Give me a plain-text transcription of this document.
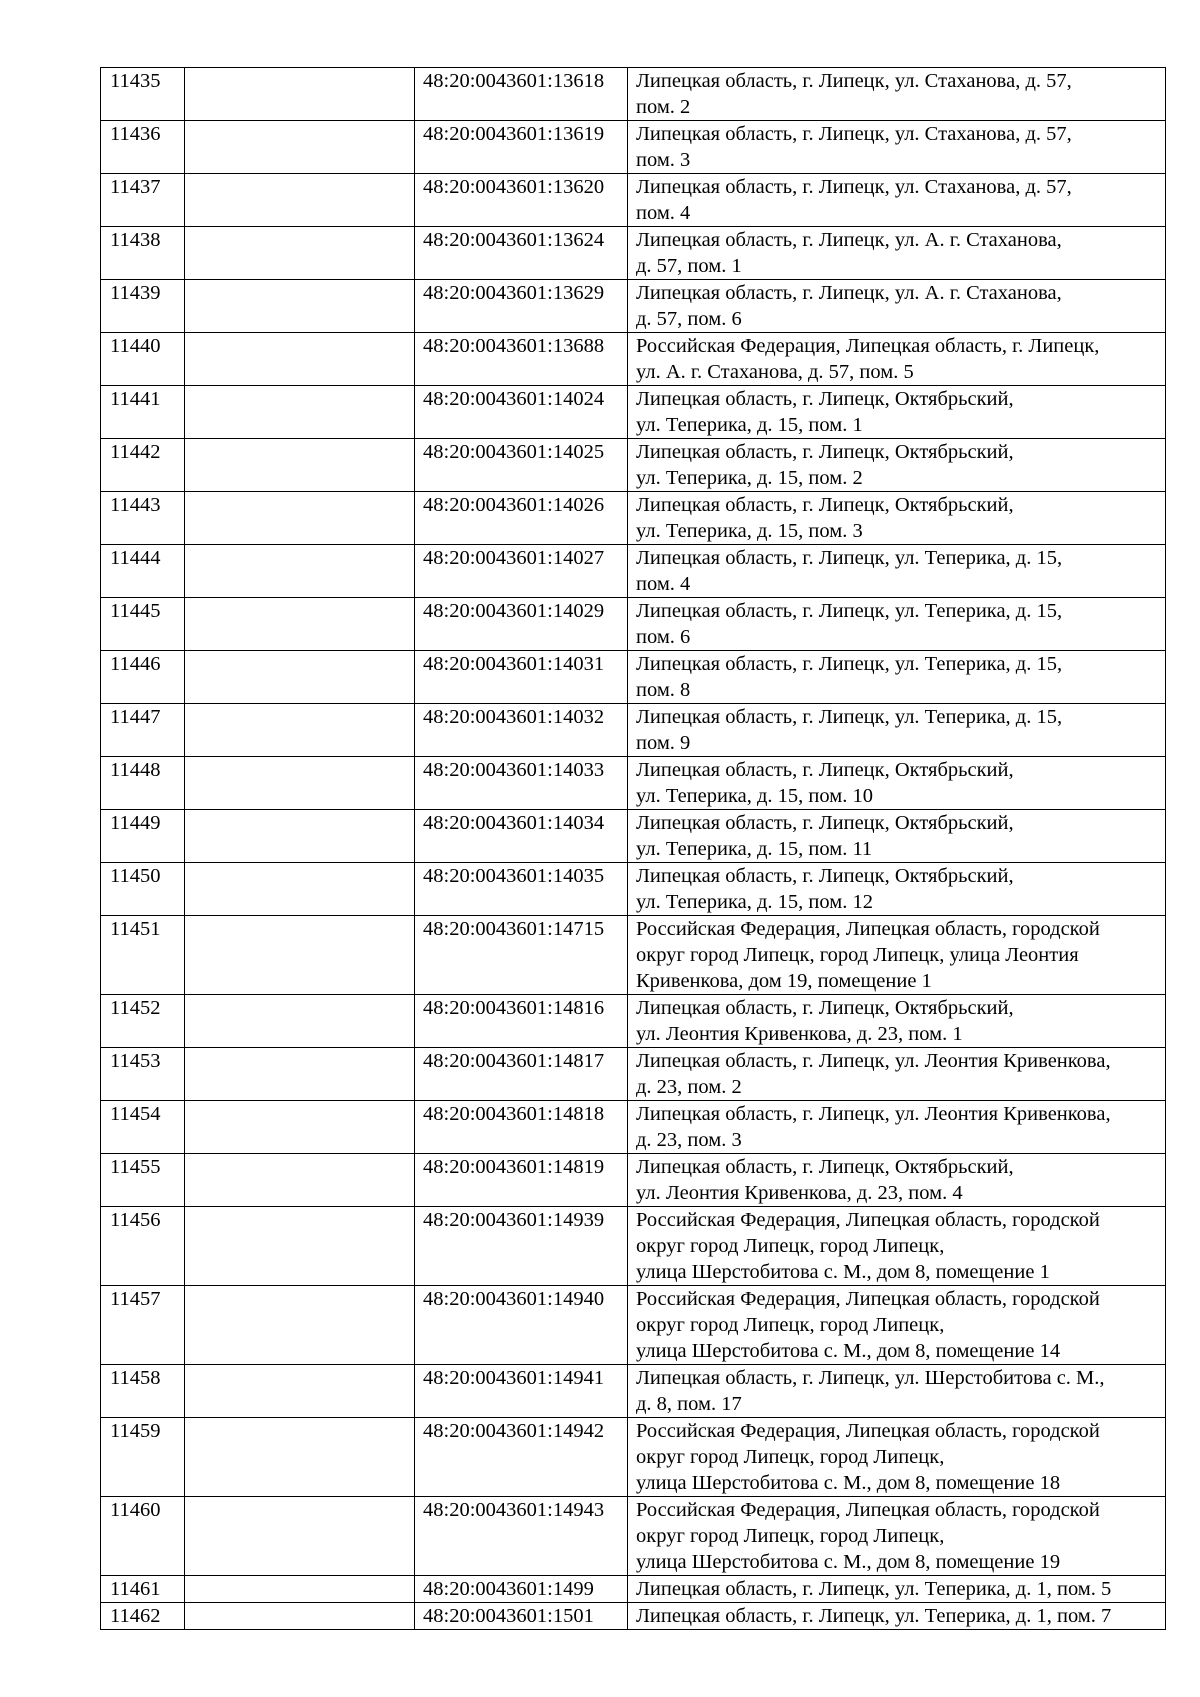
11435		48:20:0043601:13618	Липецкая область, г. Липецк, ул. Стаханова, д. 57,
пом. 2

11436		48:20:0043601:13619	Липецкая область, г. Липецк, ул. Стаханова, д. 57,
пом. 3

11437		48:20:0043601:13620	Липецкая область, г. Липецк, ул. Стаханова, д. 57,
пом. 4

11438		48:20:0043601:13624	Липецкая область, г. Липецк, ул. А. г. Стаханова,
д. 57, пом. 1

11439		48:20:0043601:13629	Липецкая область, г. Липецк, ул. А. г. Стаханова,
д. 57, пом. 6

11440		48:20:0043601:13688	Российская Федерация, Липецкая область, г. Липецк,
ул. А. г. Стаханова, д. 57, пом. 5

11441		48:20:0043601:14024	Липецкая область, г. Липецк, Октябрьский,
ул. Теперика, д. 15, пом. 1

11442		48:20:0043601:14025	Липецкая область, г. Липецк, Октябрьский,
ул. Теперика, д. 15, пом. 2

11443		48:20:0043601:14026	Липецкая область, г. Липецк, Октябрьский,
ул. Теперика, д. 15, пом. 3

11444		48:20:0043601:14027	Липецкая область, г. Липецк, ул. Теперика, д. 15,
пом. 4

11445		48:20:0043601:14029	Липецкая область, г. Липецк, ул. Теперика, д. 15,
пом. 6

11446		48:20:0043601:14031	Липецкая область, г. Липецк, ул. Теперика, д. 15,
пом. 8

11447		48:20:0043601:14032	Липецкая область, г. Липецк, ул. Теперика, д. 15,
пом. 9

11448		48:20:0043601:14033	Липецкая область, г. Липецк, Октябрьский,
ул. Теперика, д. 15, пом. 10

11449		48:20:0043601:14034	Липецкая область, г. Липецк, Октябрьский,
ул. Теперика, д. 15, пом. 11

11450		48:20:0043601:14035	Липецкая область, г. Липецк, Октябрьский,
ул. Теперика, д. 15, пом. 12

11451		48:20:0043601:14715	Российская Федерация, Липецкая область, городской
округ город Липецк, город Липецк, улица Леонтия
Кривенкова, дом 19, помещение 1

11452		48:20:0043601:14816	Липецкая область, г. Липецк, Октябрьский,
ул. Леонтия Кривенкова, д. 23, пом. 1

11453		48:20:0043601:14817	Липецкая область, г. Липецк, ул. Леонтия Кривенкова,
д. 23, пом. 2

11454		48:20:0043601:14818	Липецкая область, г. Липецк, ул. Леонтия Кривенкова,
д. 23, пом. 3

11455		48:20:0043601:14819	Липецкая область, г. Липецк, Октябрьский,
ул. Леонтия Кривенкова, д. 23, пом. 4

11456		48:20:0043601:14939	Российская Федерация, Липецкая область, городской
округ город Липецк, город Липецк,
улица Шерстобитова с. М., дом 8, помещение 1

11457		48:20:0043601:14940	Российская Федерация, Липецкая область, городской
округ город Липецк, город Липецк,
улица Шерстобитова с. М., дом 8, помещение 14

11458		48:20:0043601:14941	Липецкая область, г. Липецк, ул. Шерстобитова с. М.,
д. 8, пом. 17

11459		48:20:0043601:14942	Российская Федерация, Липецкая область, городской
округ город Липецк, город Липецк,
улица Шерстобитова с. М., дом 8, помещение 18

11460		48:20:0043601:14943	Российская Федерация, Липецкая область, городской
округ город Липецк, город Липецк,
улица Шерстобитова с. М., дом 8, помещение 19

11461		48:20:0043601:1499	Липецкая область, г. Липецк, ул. Теперика, д. 1, пом. 5

11462		48:20:0043601:1501	Липецкая область, г. Липецк, ул. Теперика, д. 1, пом. 7
